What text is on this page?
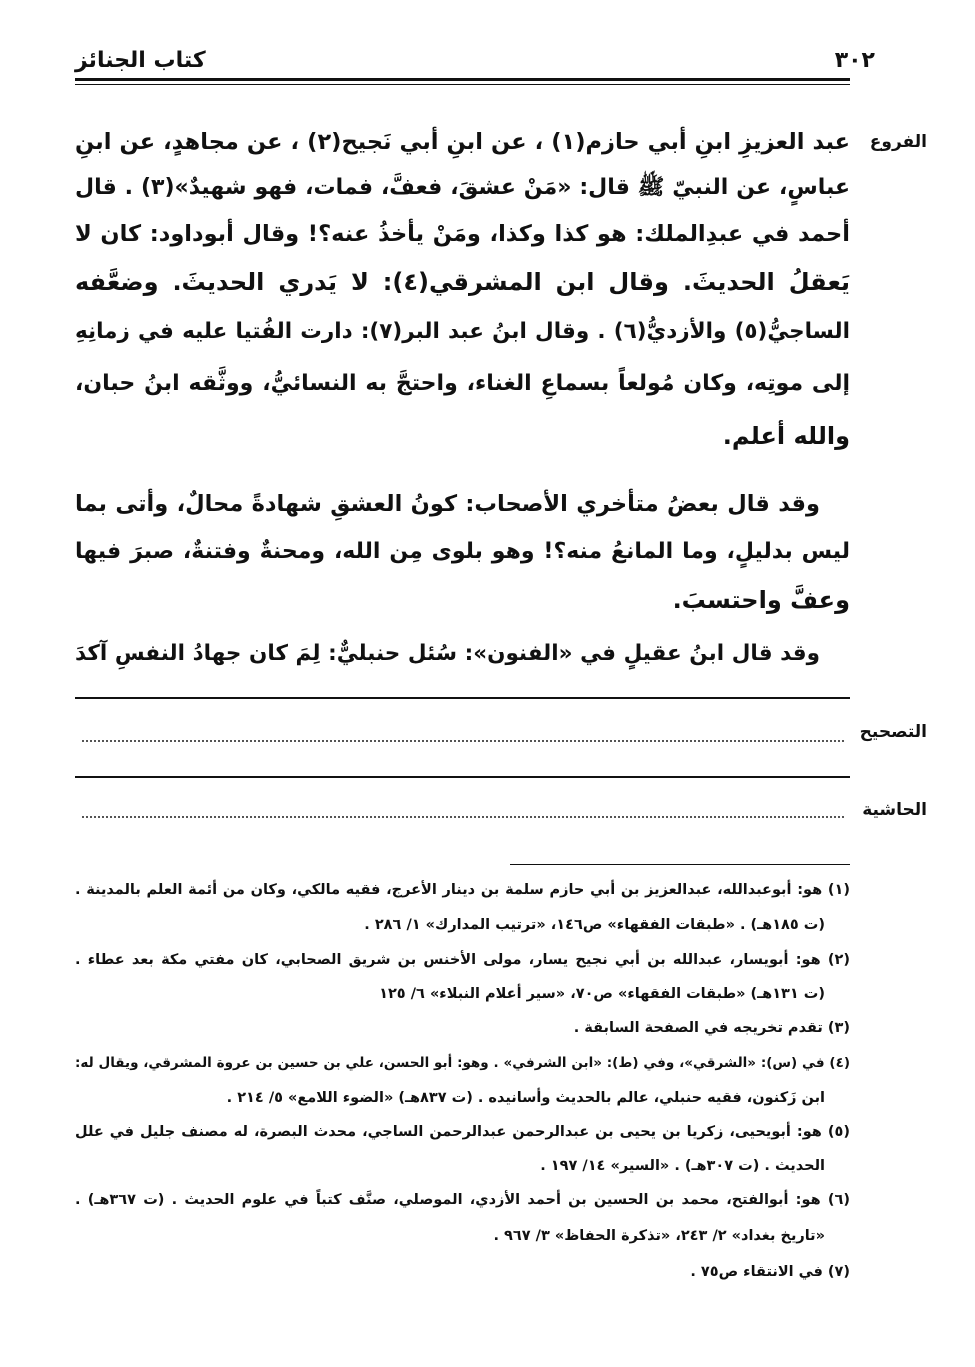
كتاب الجنائز	٣٠٢
الفروع
عبد العزيزِ ابنِ أبي حازم(١) ، عن ابنِ أبي نَجيح(٢) ، عن مجاهدٍ، عن ابنِ
عباسٍ، عن النبيّ ﷺ قال: «مَنْ عشقَ، فعفَّ، فمات، فهو شهيدٌ»(٣) . قال
أحمد في عبدِالملك: هو كذا وكذا، ومَنْ يأخذُ عنه؟! وقال أبوداود: كان لا
يَعقلُ الحديثَ. وقال ابن المشرقي(٤): لا يَدري الحديثَ. وضعَّفه
الساجيُّ(٥) والأزديُّ(٦) . وقال ابنُ عبد البر(٧): دارت الفُتيا عليه في زمانِهِ
إلى موتِه، وكان مُولعاً بسماعِ الغناء، واحتجَّ به النسائيُّ، ووثَّقه ابنُ حبان،
والله أعلم.
وقد قال بعضُ متأخري الأصحاب: كونُ العشقِ شهادةً محالٌ، وأتى بما
ليس بدليلٍ، وما المانعُ منه؟! وهو بلوى مِن الله، ومحنةٌ وفتنةٌ، صبرَ فيها
وعفَّ واحتسبَ.
وقد قال ابنُ عقيلٍ في «الفنون»: سُئل حنبليٌّ: لِمَ كان جهادُ النفسِ آكدَ
التصحيح
الحاشية
(١) هو: أبوعبدالله، عبدالعزيز بن أبي حازم سلمة بن دينار الأعرج، فقيه مالكي، وكان من أئمة العلم بالمدينة .
(ت ١٨٥هـ) . «طبقات الفقهاء» ص١٤٦، «ترتيب المدارك» ١/ ٢٨٦ .
(٢) هو: أبويسار، عبدالله بن أبي نجيح يسار، مولى الأخنس بن شريق الصحابي، كان مفتي مكة بعد عطاء .
(ت ١٣١هـ) «طبقات الفقهاء» ص٧٠، «سير أعلام النبلاء» ٦/ ١٢٥
(٣) تقدم تخريجه في الصفحة السابقة .
(٤) في (س): «الشرقي»، وفي (ط): «ابن الشرفي» . وهو: أبو الحسن، علي بن حسين بن عروة المشرقي، ويقال له:
ابن زَكنون، فقيه حنبلي، عالم بالحديث وأسانيده . (ت ٨٣٧هـ) «الضوء اللامع» ٥/ ٢١٤ .
(٥) هو: أبويحيى، زكريا بن يحيى بن عبدالرحمن عبدالرحمن الساجي، محدث البصرة، له مصنف جليل في علل
الحديث . (ت ٣٠٧هـ) . «السير» ١٤/ ١٩٧ .
(٦) هو: أبوالفتح، محمد بن الحسين بن أحمد الأزدي، الموصلي، صنَّف كتباً في علوم الحديث . (ت ٣٦٧هـ) .
«تاريخ بغداد» ٢/ ٢٤٣، «تذكرة الحفاظ» ٣/ ٩٦٧ .
(٧) في الانتقاء ص٧٥ .
